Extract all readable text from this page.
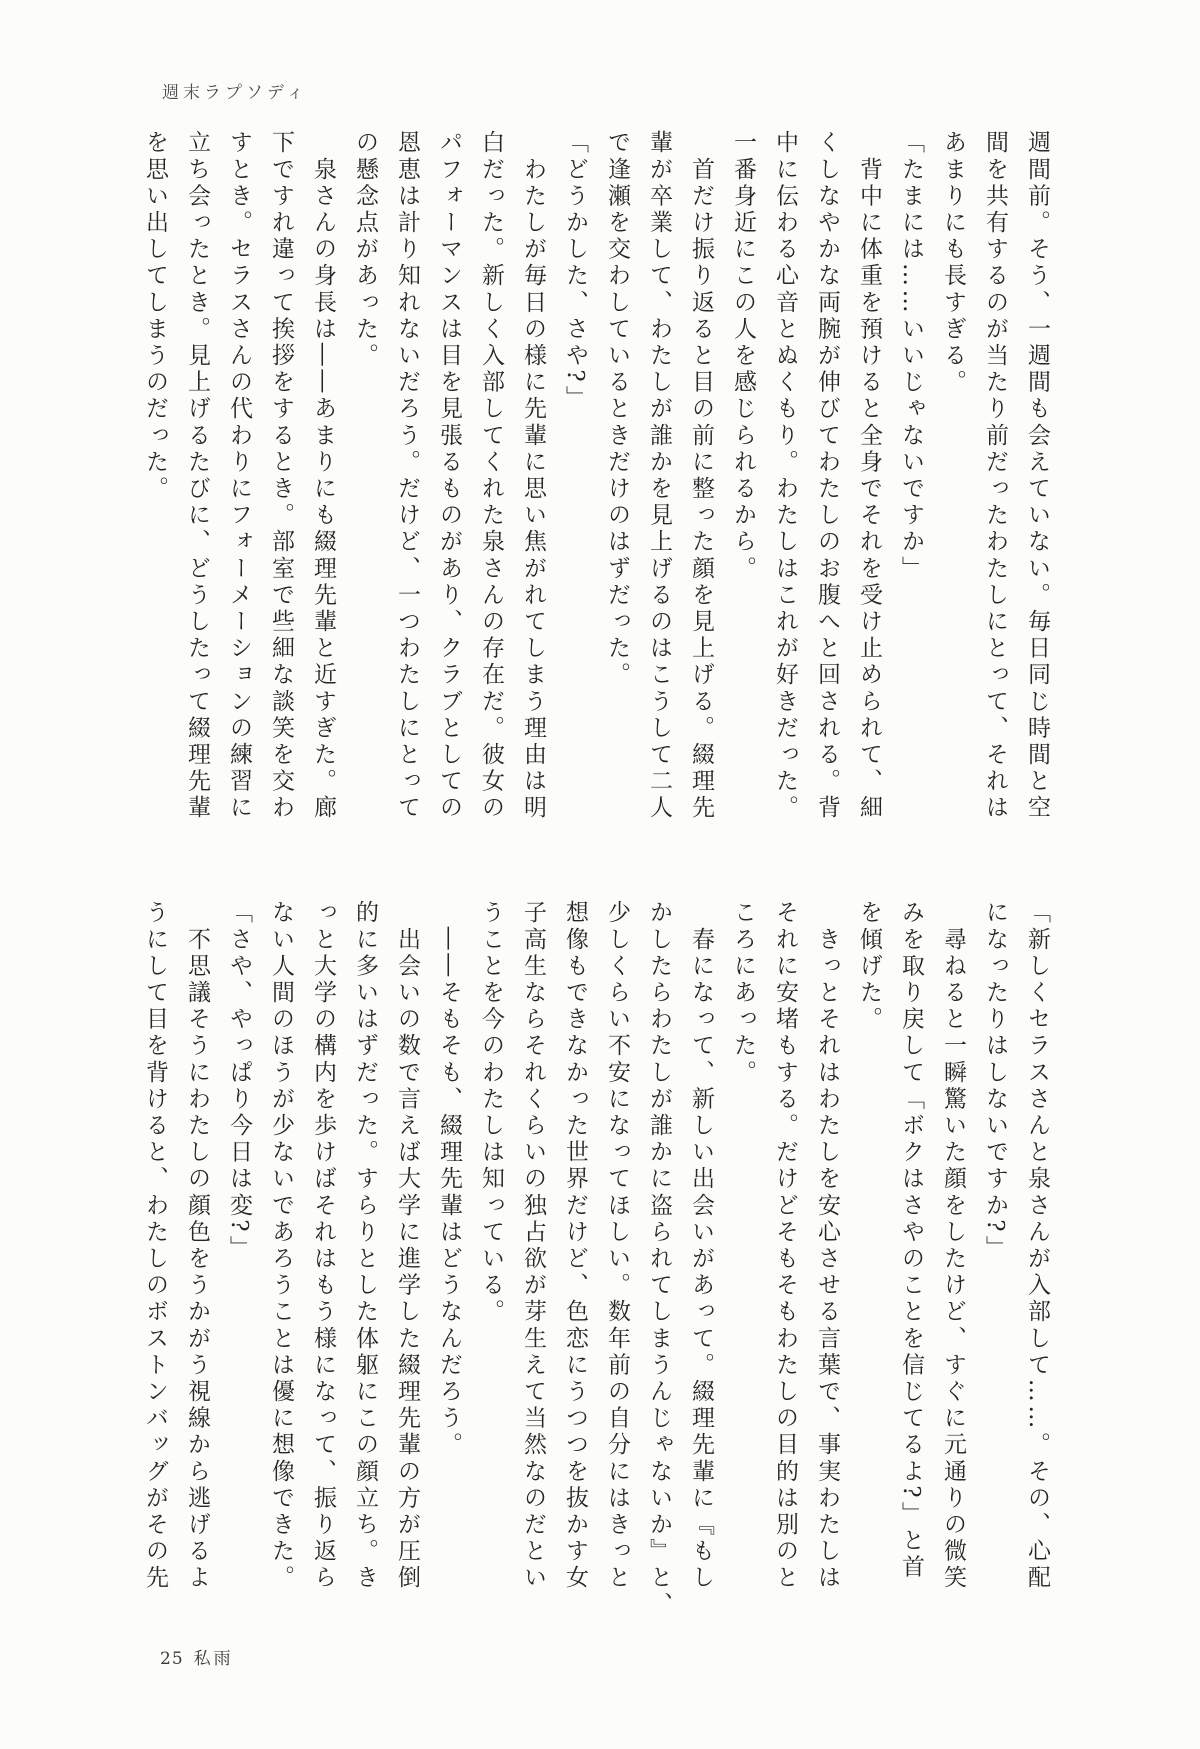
週末ラプソディ
週間前。そう、一週間も会えていない。毎日同じ時間と空
間を共有するのが当たり前だったわたしにとって、それは
あまりにも長すぎる。
「たまには……いいじゃないですか」
　背中に体重を預けると全身でそれを受け止められて、細
くしなやかな両腕が伸びてわたしのお腹へと回される。背
中に伝わる心音とぬくもり。わたしはこれが好きだった。
一番身近にこの人を感じられるから。
　首だけ振り返ると目の前に整った顔を見上げる。綴理先
輩が卒業して、わたしが誰かを見上げるのはこうして二人
で逢瀬を交わしているときだけのはずだった。
「どうかした、さや?」
　わたしが毎日の様に先輩に思い焦がれてしまう理由は明
白だった。新しく入部してくれた泉さんの存在だ。彼女の
パフォーマンスは目を見張るものがあり、クラブとしての
恩恵は計り知れないだろう。だけど、一つわたしにとって
の懸念点があった。
　泉さんの身長は――あまりにも綴理先輩と近すぎた。廊
下ですれ違って挨拶をするとき。部室で些細な談笑を交わ
すとき。セラスさんの代わりにフォーメーションの練習に
立ち会ったとき。見上げるたびに、どうしたって綴理先輩
を思い出してしまうのだった。
「新しくセラスさんと泉さんが入部して……。その、心配
になったりはしないですか?」
　尋ねると一瞬驚いた顔をしたけど、すぐに元通りの微笑
みを取り戻して「ボクはさやのことを信じてるよ?」と首
を傾げた。
　きっとそれはわたしを安心させる言葉で、事実わたしは
それに安堵もする。だけどそもそもわたしの目的は別のと
ころにあった。
　春になって、新しい出会いがあって。綴理先輩に『もし
かしたらわたしが誰かに盗られてしまうんじゃないか』と、
少しくらい不安になってほしい。数年前の自分にはきっと
想像もできなかった世界だけど、色恋にうつつを抜かす女
子高生ならそれくらいの独占欲が芽生えて当然なのだとい
うことを今のわたしは知っている。
　――そもそも、綴理先輩はどうなんだろう。
　出会いの数で言えば大学に進学した綴理先輩の方が圧倒
的に多いはずだった。すらりとした体躯にこの顔立ち。き
っと大学の構内を歩けばそれはもう様になって、振り返ら
ない人間のほうが少ないであろうことは優に想像できた。
「さや、やっぱり今日は変?」
　不思議そうにわたしの顔色をうかがう視線から逃げるよ
うにして目を背けると、わたしのボストンバッグがその先
25 私雨
